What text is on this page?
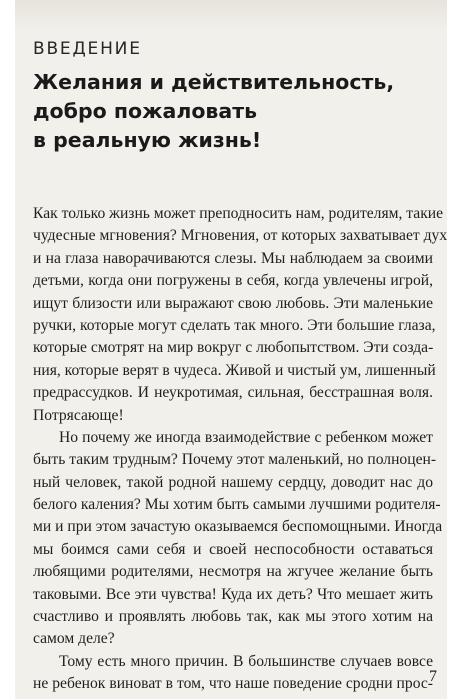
ВВЕДЕНИЕ
Желания и действительность,
добро пожаловать
в реальную жизнь!
Как только жизнь может преподносить нам, родителям, такие
чудесные мгновения? Мгновения, от которых захватывает дух
и на глаза наворачиваются слезы. Мы наблюдаем за своими
детьми, когда они погружены в себя, когда увлечены игрой,
ищут близости или выражают свою любовь. Эти маленькие
ручки, которые могут сделать так много. Эти большие глаза,
которые смотрят на мир вокруг с любопытством. Эти созда-
ния, которые верят в чудеса. Живой и чистый ум, лишенный
предрассудков. И неукротимая, сильная, бесстрашная воля.
Потрясающе!
Но почему же иногда взаимодействие с ребенком может
быть таким трудным? Почему этот маленький, но полноцен-
ный человек, такой родной нашему сердцу, доводит нас до
белого каления? Мы хотим быть самыми лучшими родителя-
ми и при этом зачастую оказываемся беспомощными. Иногда
мы боимся сами себя и своей неспособности оставаться
любящими родителями, несмотря на жгучее желание быть
таковыми. Все эти чувства! Куда их деть? Что мешает жить
счастливо и проявлять любовь так, как мы этого хотим на
самом деле?
Тому есть много причин. В большинстве случаев вовсе
не ребенок виноват в том, что наше поведение сродни прос-
7
